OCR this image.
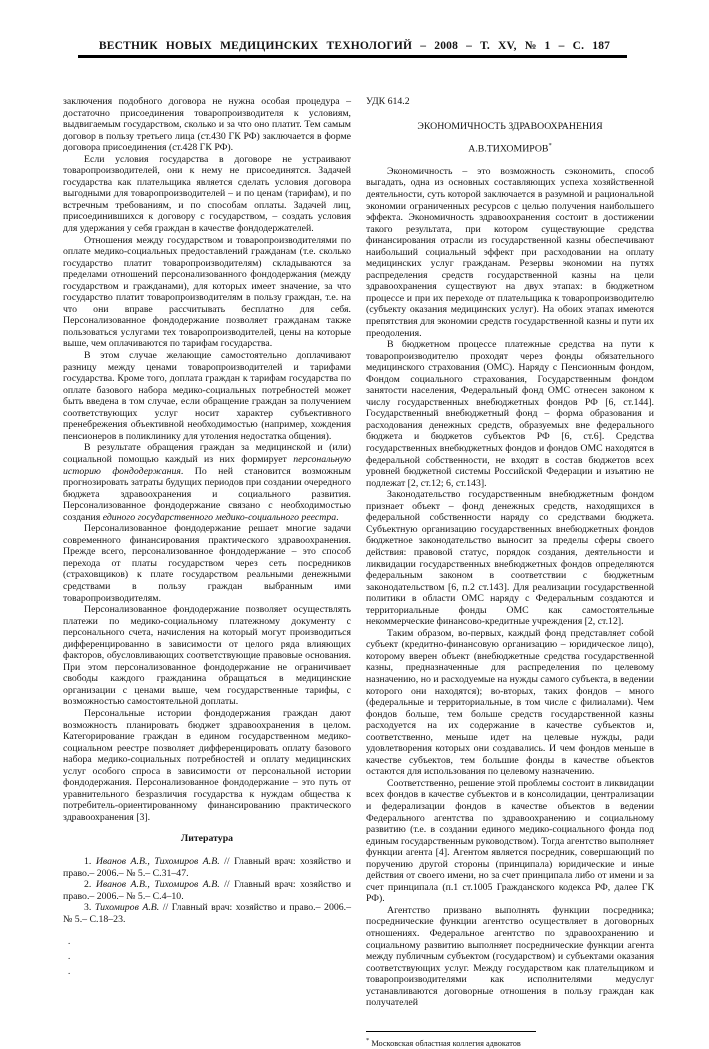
ВЕСТНИК НОВЫХ МЕДИЦИНСКИХ ТЕХНОЛОГИЙ – 2008 – Т. XV, № 1 – С. 187

заключения подобного договора не нужна особая процедура – достаточно присоединения товаропроизводителя к условиям, выдвигаемым государством, сколько и за что оно платит. Тем самым договор в пользу третьего лица (ст.430 ГК РФ) заключается в форме договора присоединения (ст.428 ГК РФ).

Если условия государства в договоре не устраивают товаропроизводителей, они к нему не присоединятся. Задачей государства как плательщика является сделать условия договора выгодными для товаропроизводителей – и по ценам (тарифам), и по встречным требованиям, и по способам оплаты. Задачей лиц, присоединившихся к договору с государством, – создать условия для удержания у себя граждан в качестве фондодержателей.

Отношения между государством и товаропроизводителями по оплате медико-социальных предоставлений гражданам (т.е. сколько государство платит товаропроизводителям) складываются за пределами отношений персонализованного фондодержания (между государством и гражданами), для которых имеет значение, за что государство платит товаропроизводителям в пользу граждан, т.е. на что они вправе рассчитывать бесплатно для себя. Персонализованное фондодержание позволяет гражданам также пользоваться услугами тех товаропроизводителей, цены на которые выше, чем оплачиваются по тарифам государства.

В этом случае желающие самостоятельно доплачивают разницу между ценами товаропроизводителей и тарифами государства. Кроме того, доплата граждан к тарифам государства по оплате базового набора медико-социальных потребностей может быть введена в том случае, если обращение граждан за получением соответствующих услуг носит характер субъективного пренебрежения объективной необходимостью (например, хождения пенсионеров в поликлинику для утоления недостатка общения).

В результате обращения граждан за медицинской и (или) социальной помощью каждый из них формирует персональную историю фондодержания. По ней становится возможным прогнозировать затраты будущих периодов при создании очередного бюджета здравоохранения и социального развития. Персонализованное фондодержание связано с необходимостью создания единого государственного медико-социального реестра.

Персонализованное фондодержание решает многие задачи современного финансирования практического здравоохранения. Прежде всего, персонализованное фондодержание – это способ перехода от платы государством через сеть посредников (страховщиков) к плате государством реальными денежными средствами в пользу граждан выбранным ими товаропроизводителям.

Персонализованное фондодержание позволяет осуществлять платежи по медико-социальному платежному документу с персонального счета, начисления на который могут производиться дифференцированно в зависимости от целого ряда влияющих факторов, обусловливающих соответствующие правовые основания. При этом персонализованное фондодержание не ограничивает свободы каждого гражданина обращаться в медицинские организации с ценами выше, чем государственные тарифы, с возможностью самостоятельной доплаты.

Персональные истории фондодержания граждан дают возможность планировать бюджет здравоохранения в целом. Категорирование граждан в едином государственном медико-социальном реестре позволяет дифференцировать оплату базового набора медико-социальных потребностей и оплату медицинских услуг особого спроса в зависимости от персональной истории фондодержания. Персонализованное фондодержание – это путь от уравнительного безразличия государства к нуждам общества к потребитель-ориентированному финансированию практического здравоохранения [3].

Литература

1. Иванов А.В., Тихомиров А.В. // Главный врач: хозяйство и право.– 2006.– № 5.– С.31–47.

2. Иванов А.В., Тихомиров А.В. // Главный врач: хозяйство и право.– 2006.– № 5.– С.4–10.

3. Тихомиров А.В. // Главный врач: хозяйство и право.– 2006.– № 5.– С.18–23.

.

.

.

УДК 614.2

ЭКОНОМИЧНОСТЬ ЗДРАВООХРАНЕНИЯ

А.В.ТИХОМИРОВ*

Экономичность – это возможность сэкономить, способ выгадать, одна из основных составляющих успеха хозяйственной деятельности, суть которой заключается в разумной и рациональной экономии ограниченных ресурсов с целью получения наибольшего эффекта. Экономичность здравоохранения состоит в достижении такого результата, при котором существующие средства финансирования отрасли из государственной казны обеспечивают наибольший социальный эффект при расходовании на оплату медицинских услуг гражданам. Резервы экономии на путях распределения средств государственной казны на цели здравоохранения существуют на двух этапах: в бюджетном процессе и при их переходе от плательщика к товаропроизводителю (субъекту оказания медицинских услуг). На обоих этапах имеются препятствия для экономии средств государственной казны и пути их преодоления.

В бюджетном процессе платежные средства на пути к товаропроизводителю проходят через фонды обязательного медицинского страхования (ОМС). Наряду с Пенсионным фондом, Фондом социального страхования, Государственным фондом занятости населения, Федеральный фонд ОМС отнесен законом к числу государственных внебюджетных фондов РФ [6, ст.144]. Государственный внебюджетный фонд – форма образования и расходования денежных средств, образуемых вне федерального бюджета и бюджетов субъектов РФ [6, ст.6]. Средства государственных внебюджетных фондов и фондов ОМС находятся в федеральной собственности, не входят в состав бюджетов всех уровней бюджетной системы Российской Федерации и изъятию не подлежат [2, ст.12; 6, ст.143].

Законодательство государственным внебюджетным фондом признает объект – фонд денежных средств, находящихся в федеральной собственности наряду со средствами бюджета. Субъектную организацию государственных внебюджетных фондов бюджетное законодательство выносит за пределы сферы своего действия: правовой статус, порядок создания, деятельности и ликвидации государственных внебюджетных фондов определяются федеральным законом в соответствии с бюджетным законодательством [6, п.2 ст.143]. Для реализации государственной политики в области ОМС наряду с Федеральным создаются и территориальные фонды ОМС как самостоятельные некоммерческие финансово-кредитные учреждения [2, ст.12].

Таким образом, во-первых, каждый фонд представляет собой субъект (кредитно-финансовую организацию – юридическое лицо), которому вверен объект (внебюджетные средства государственной казны, предназначенные для распределения по целевому назначению, но и расходуемые на нужды самого субъекта, в ведении которого они находятся); во-вторых, таких фондов – много (федеральные и территориальные, в том числе с филиалами). Чем фондов больше, тем больше средств государственной казны расходуется на их содержание в качестве субъектов и, соответственно, меньше идет на целевые нужды, ради удовлетворения которых они создавались. И чем фондов меньше в качестве субъектов, тем большие фонды в качестве объектов остаются для использования по целевому назначению.

Соответственно, решение этой проблемы состоит в ликвидации всех фондов в качестве субъектов и в консолидации, централизации и федерализации фондов в качестве объектов в ведении Федерального агентства по здравоохранению и социальному развитию (т.е. в создании единого медико-социального фонда под единым государственным руководством). Тогда агентство выполняет функции агента [4]. Агентом является посредник, совершающий по поручению другой стороны (принципала) юридические и иные действия от своего имени, но за счет принципала либо от имени и за счет принципала (п.1 ст.1005 Гражданского кодекса РФ, далее ГК РФ).

Агентство призвано выполнять функции посредника; посреднические функции агентство осуществляет в договорных отношениях. Федеральное агентство по здравоохранению и социальному развитию выполняет посреднические функции агента между публичным субъектом (государством) и субъектами оказания соответствующих услуг. Между государством как плательщиком и товаропроизводителями как исполнителями медуслуг устанавливаются договорные отношения в пользу граждан как получателей

* Московская областная коллегия адвокатов
